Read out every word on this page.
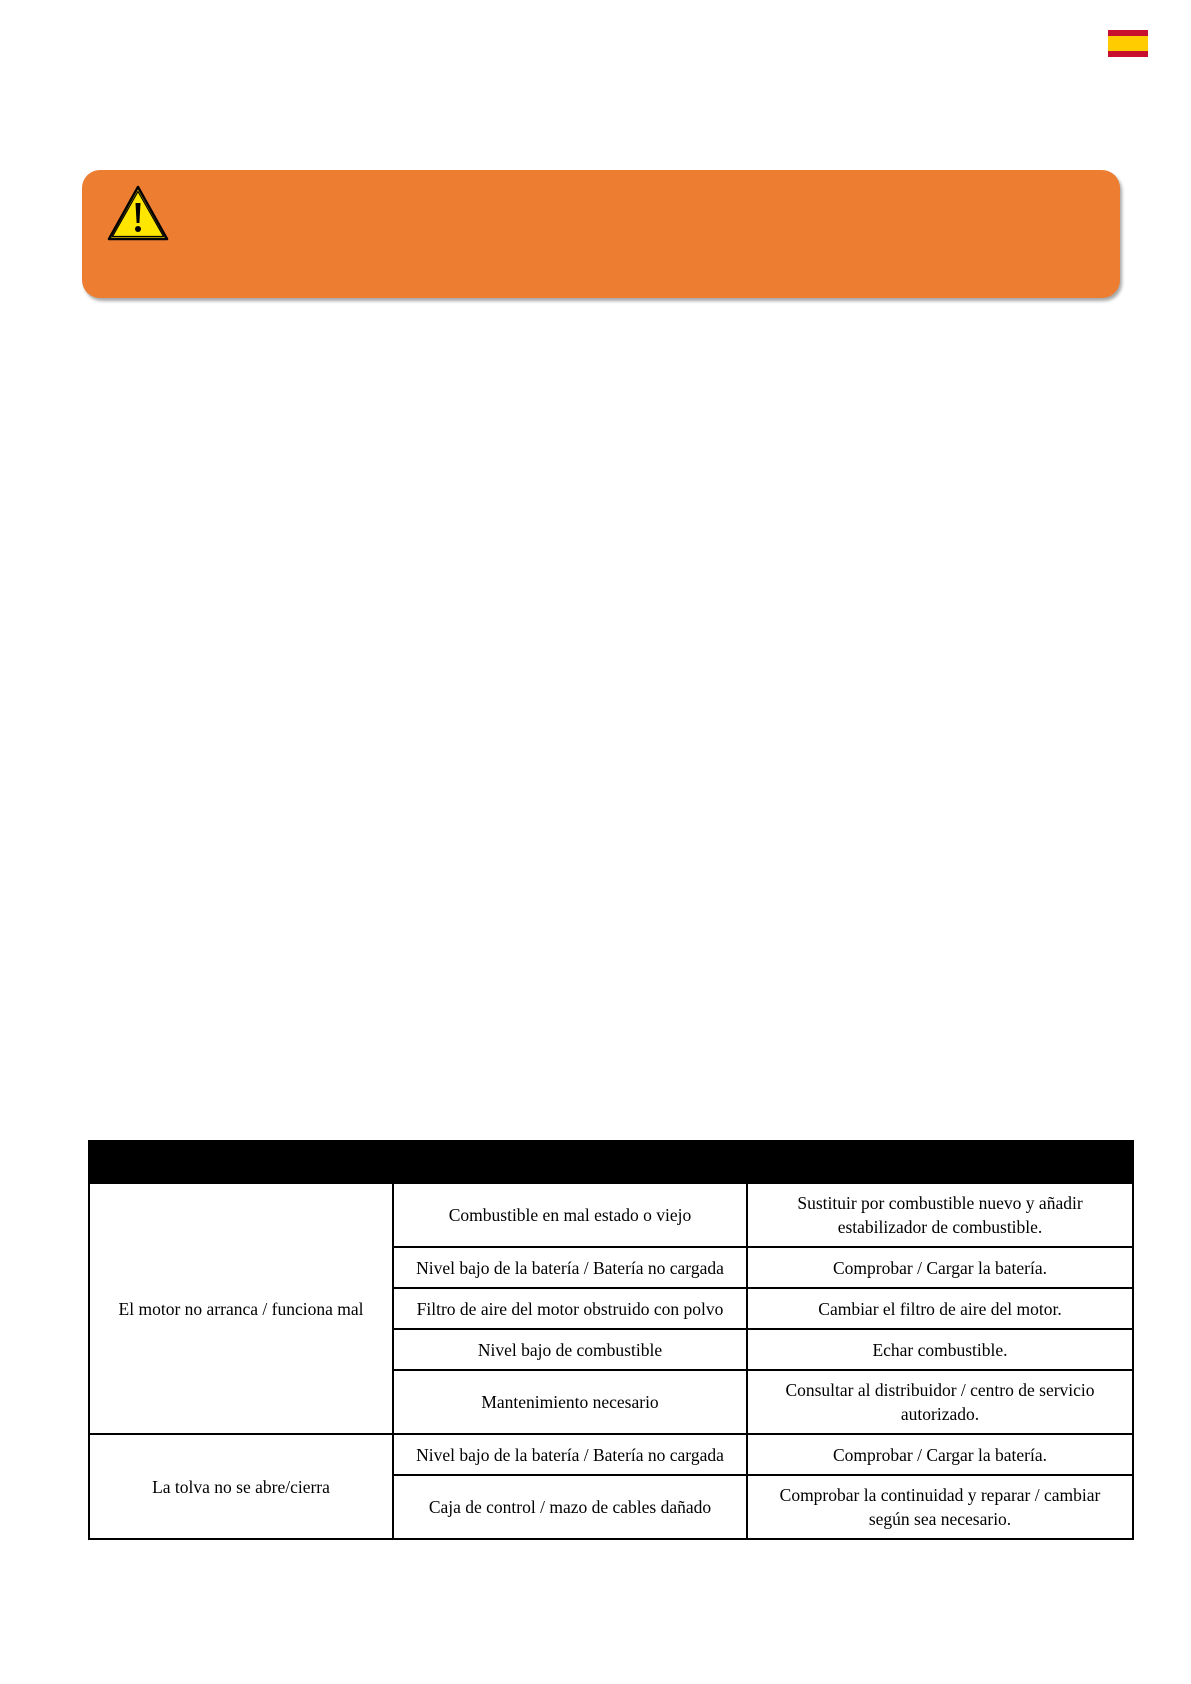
El motor no arranca / funciona mal	Combustible en mal estado o viejo	Sustituir por combustible nuevo y añadir estabilizador de combustible.
	Nivel bajo de la batería / Batería no cargada	Comprobar / Cargar la batería.
	Filtro de aire del motor obstruido con polvo	Cambiar el filtro de aire del motor.
	Nivel bajo de combustible	Echar combustible.
	Mantenimiento necesario	Consultar al distribuidor / centro de servicio autorizado.
La tolva no se abre/cierra	Nivel bajo de la batería / Batería no cargada	Comprobar / Cargar la batería.
	Caja de control / mazo de cables dañado	Comprobar la continuidad y reparar / cambiar según sea necesario.
